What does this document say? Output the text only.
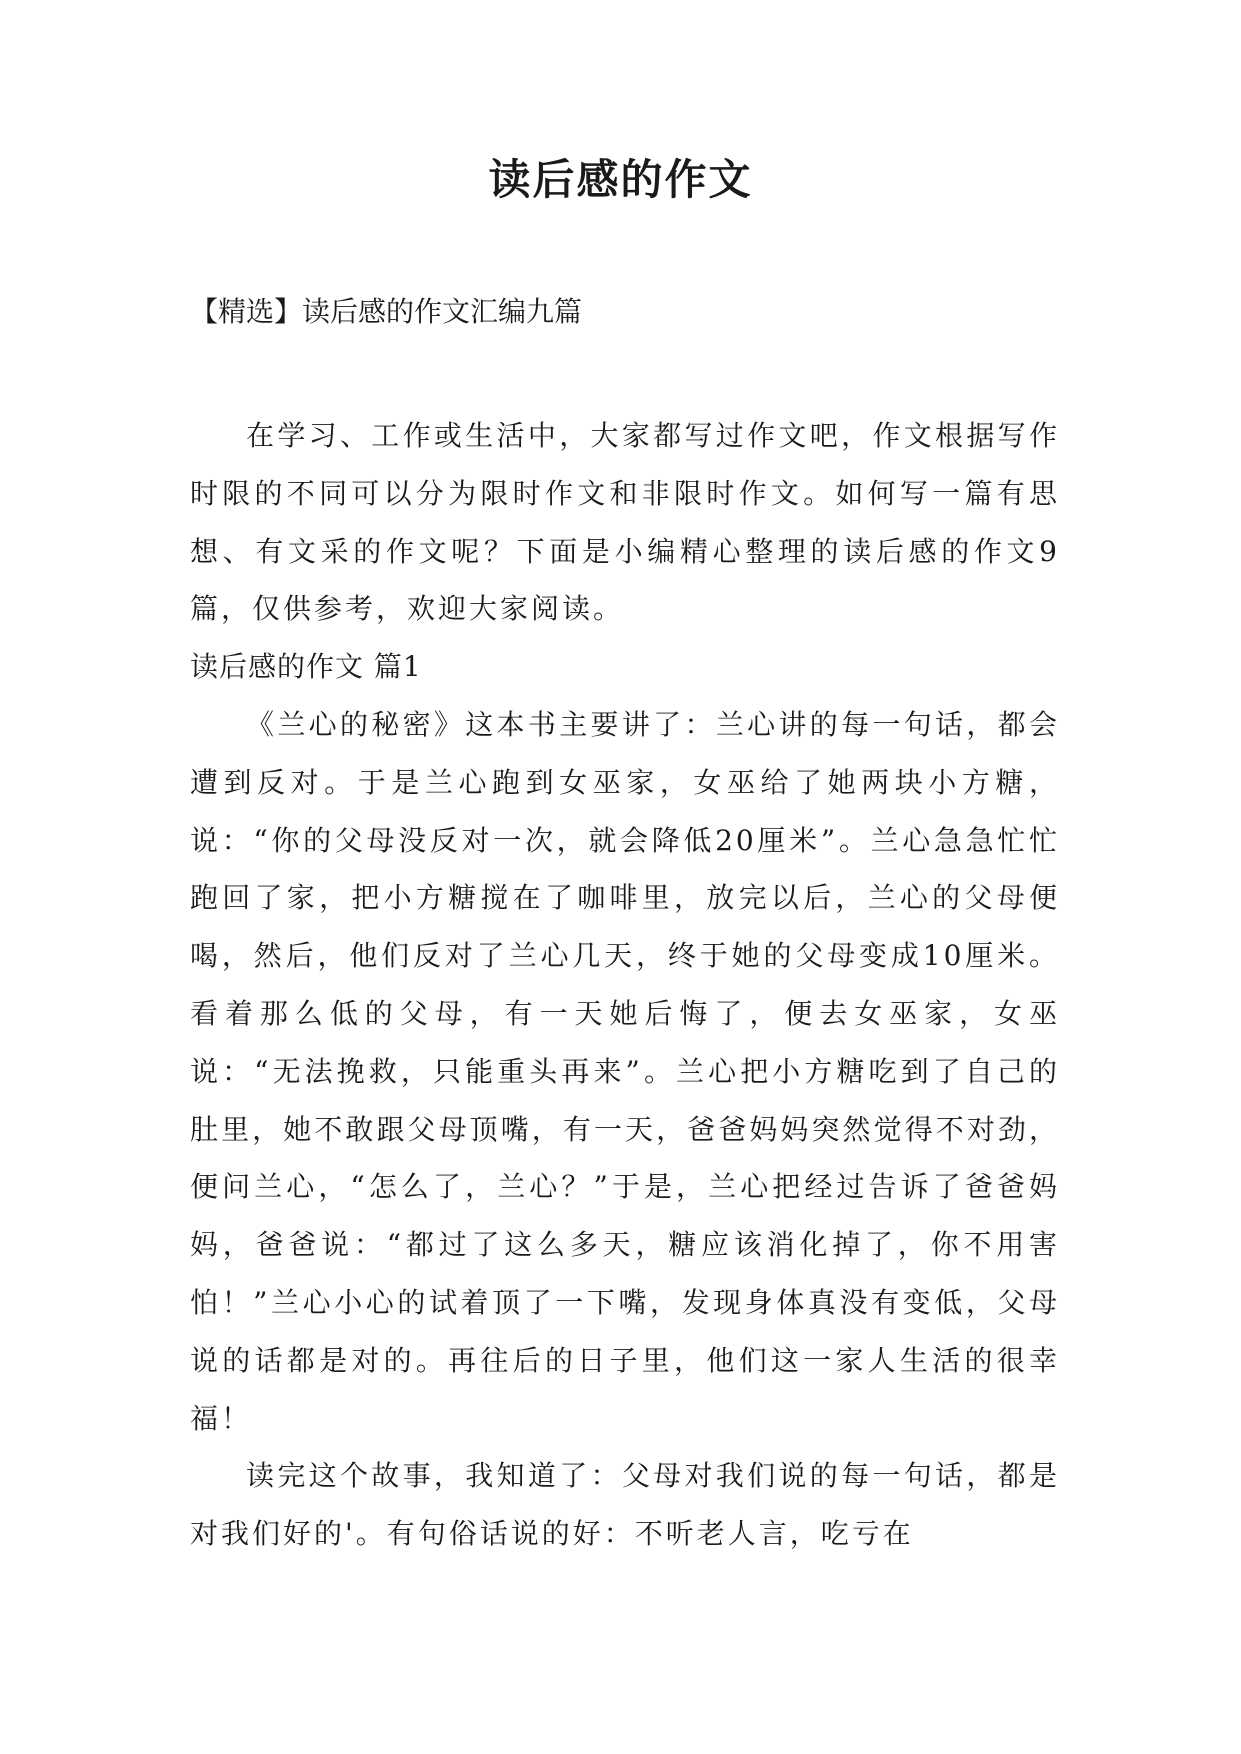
读后感的作文

【精选】读后感的作文汇编九篇

在学习、工作或生活中，大家都写过作文吧，作文根据写作时限的不同可以分为限时作文和非限时作文。如何写一篇有思想、有文采的作文呢？下面是小编精心整理的读后感的作文9篇，仅供参考，欢迎大家阅读。

读后感的作文 篇1

《兰心的秘密》这本书主要讲了：兰心讲的每一句话，都会遭到反对。于是兰心跑到女巫家，女巫给了她两块小方糖，说：“你的父母没反对一次，就会降低20厘米”。兰心急急忙忙跑回了家，把小方糖搅在了咖啡里，放完以后，兰心的父母便喝，然后，他们反对了兰心几天，终于她的父母变成10厘米。看着那么低的父母，有一天她后悔了，便去女巫家，女巫说：“无法挽救，只能重头再来”。兰心把小方糖吃到了自己的肚里，她不敢跟父母顶嘴，有一天，爸爸妈妈突然觉得不对劲，便问兰心，“怎么了，兰心？”于是，兰心把经过告诉了爸爸妈妈，爸爸说：“都过了这么多天，糖应该消化掉了，你不用害怕！”兰心小心的试着顶了一下嘴，发现身体真没有变低，父母说的话都是对的。再往后的日子里，他们这一家人生活的很幸福！

读完这个故事，我知道了：父母对我们说的每一句话，都是对我们好的'。有句俗话说的好：不听老人言，吃亏在
